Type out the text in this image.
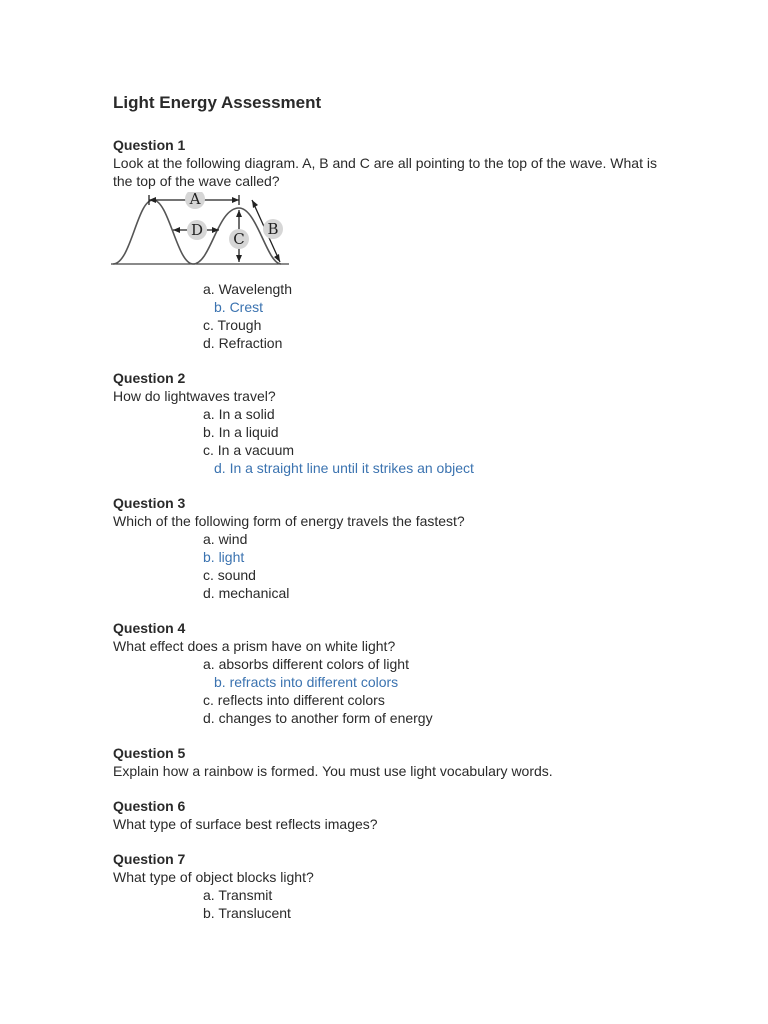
Light Energy Assessment
Question 1
Look at the following diagram. A, B and C are all pointing to the top of the wave. What is the top of the wave called?
A
D C
B
a. Wavelength
b. Crest
c. Trough
d. Refraction
Question 2
How do lightwaves travel?
a. In a solid
b. In a liquid
c. In a vacuum
d. In a straight line until it strikes an object
Question 3
Which of the following form of energy travels the fastest?
a. wind
b. light
c. sound
d. mechanical
Question 4
What effect does a prism have on white light?
a. absorbs different colors of light
b. refracts into different colors
c. reflects into different colors
d. changes to another form of energy
Question 5
Explain how a rainbow is formed. You must use light vocabulary words.
Question 6
What type of surface best reflects images?
Question 7
What type of object blocks light?
a. Transmit
b. Translucent
